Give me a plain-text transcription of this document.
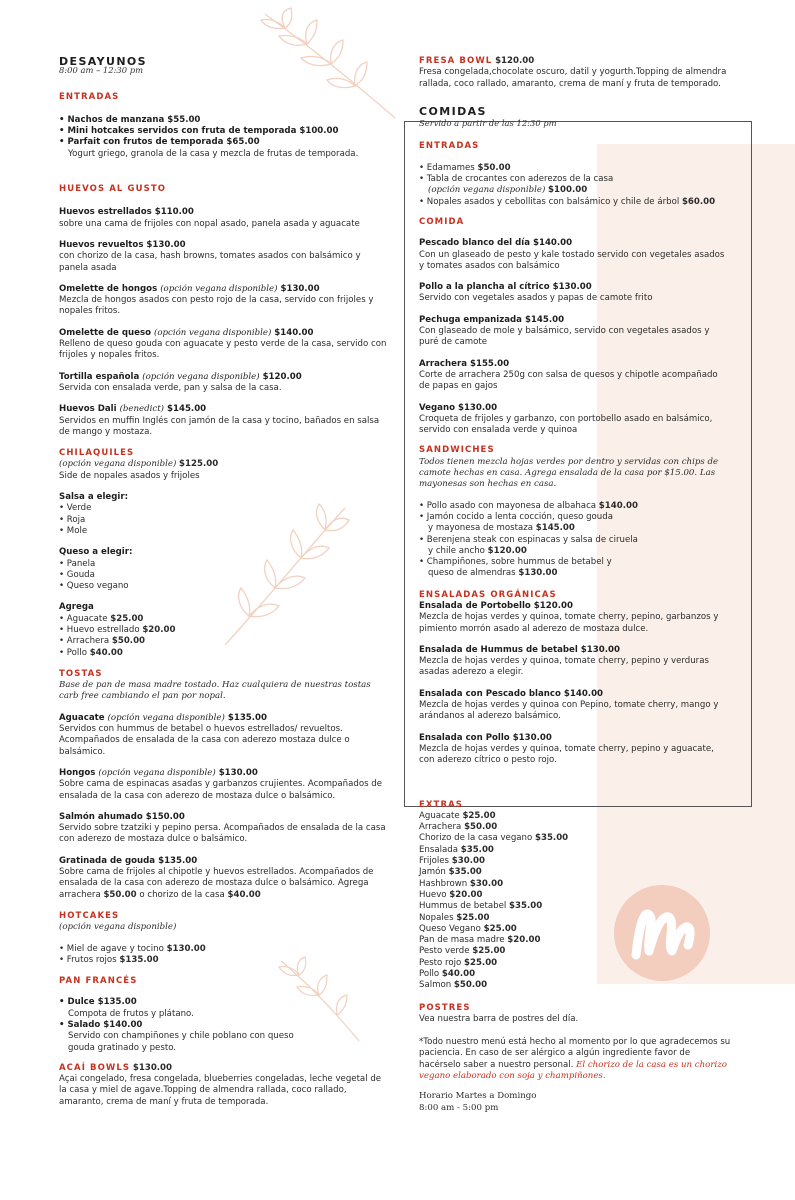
DESAYUNOS
8:00 am – 12:30 pm
ENTRADAS
• Nachos de manzana $55.00
• Mini hotcakes servidos con fruta de temporada $100.00
• Parfait con frutos de temporada $65.00
Yogurt griego, granola de la casa y mezcla de frutas de temporada.
HUEVOS AL GUSTO
Huevos estrellados $110.00
sobre una cama de frijoles con nopal asado, panela asada y aguacate
Huevos revueltos $130.00
con chorizo de la casa, hash browns, tomates asados con balsámico y panela asada
Omelette de hongos (opción vegana disponible) $130.00
Mezcla de hongos asados con pesto rojo de la casa, servido con frijoles y nopales fritos.
Omelette de queso (opción vegana disponible) $140.00
Relleno de queso gouda con aguacate y pesto verde de la casa, servido con frijoles y nopales fritos.
Tortilla española (opción vegana disponible) $120.00
Servida con ensalada verde, pan y salsa de la casa.
Huevos Dali (benedict) $145.00
Servidos en muffin Inglés con jamón de la casa y tocino, bañados en salsa de mango y mostaza.
CHILAQUILES
(opción vegana disponible) $125.00
Side de nopales asados y frijoles
Salsa a elegir:
• Verde
• Roja
• Mole
Queso a elegir:
• Panela
• Gouda
• Queso vegano
Agrega
• Aguacate $25.00
• Huevo estrellado $20.00
• Arrachera $50.00
• Pollo $40.00
TOSTAS
Base de pan de masa madre tostado. Haz cualquiera de nuestras tostas carb free cambiando el pan por nopal.
Aguacate (opción vegana disponible) $135.00
Servidos con hummus de betabel o huevos estrellados/ revueltos. Acompañados de ensalada de la casa con aderezo mostaza dulce o balsámico.
Hongos (opción vegana disponible) $130.00
Sobre cama de espinacas asadas y garbanzos crujientes. Acompañados de ensalada de la casa con aderezo de mostaza dulce o balsámico.
Salmón ahumado $150.00
Servido sobre tzatziki y pepino persa. Acompañados de ensalada de la casa con aderezo de mostaza dulce o balsámico.
Gratinada de gouda $135.00
Sobre cama de frijoles al chipotle y huevos estrellados. Acompañados de ensalada de la casa con aderezo de mostaza dulce o balsámico. Agrega arrachera $50.00 o chorizo de la casa $40.00
HOTCAKES
(opción vegana disponible)
• Miel de agave y tocino $130.00
• Frutos rojos $135.00
PAN FRANCÉS
• Dulce $135.00
Compota de frutos y plátano.
• Salado $140.00
Servido con champiñones y chile poblano con queso gouda gratinado y pesto.
ACAÍ BOWLS $130.00
Açai congelado, fresa congelada, blueberries congeladas, leche vegetal de la casa y miel de agave.Topping de almendra rallada, coco rallado, amaranto, crema de maní y fruta de temporada.
FRESA BOWL $120.00
Fresa congelada,chocolate oscuro, datil y yogurth.Topping de almendra rallada, coco rallado, amaranto, crema de maní y fruta de temporado.
COMIDAS
Servido a partir de las 12:30 pm
ENTRADAS
• Edamames $50.00
• Tabla de crocantes con aderezos de la casa
(opción vegana disponible) $100.00
• Nopales asados y cebollitas con balsámico y chile de árbol $60.00
COMIDA
Pescado blanco del día $140.00
Con un glaseado de pesto y kale tostado servido con vegetales asados y tomates asados con balsámico
Pollo a la plancha al cítrico $130.00
Servido con vegetales asados y papas de camote frito
Pechuga empanizada $145.00
Con glaseado de mole y balsámico, servido con vegetales asados y puré de camote
Arrachera $155.00
Corte de arrachera 250g con salsa de quesos y chipotle acompañado de papas en gajos
Vegano $130.00
Croqueta de frijoles y garbanzo, con portobello asado en balsámico, servido con ensalada verde y quinoa
SANDWICHES
Todos tienen mezcla hojas verdes por dentro y servidas con chips de camote hechas en casa. Agrega ensalada de la casa por $15.00. Las mayonesas son hechas en casa.
• Pollo asado con mayonesa de albahaca $140.00
• Jamón cocido a lenta cocción, queso gouda
y mayonesa de mostaza $145.00
• Berenjena steak con espinacas y salsa de ciruela
y chile ancho $120.00
• Champiñones, sobre hummus de betabel y
queso de almendras $130.00
ENSALADAS ORGÁNICAS
Ensalada de Portobello $120.00
Mezcla de hojas verdes y quinoa, tomate cherry, pepino, garbanzos y pimiento morrón asado al aderezo de mostaza dulce.
Ensalada de Hummus de betabel $130.00
Mezcla de hojas verdes y quinoa, tomate cherry, pepino y verduras asadas aderezo a elegir.
Ensalada con Pescado blanco $140.00
Mezcla de hojas verdes y quinoa con Pepino, tomate cherry, mango y arándanos al aderezo balsámico.
Ensalada con Pollo $130.00
Mezcla de hojas verdes y quinoa, tomate cherry, pepino y aguacate, con aderezo cítrico o pesto rojo.
EXTRAS
Aguacate $25.00
Arrachera $50.00
Chorizo de la casa vegano $35.00
Ensalada $35.00
Frijoles $30.00
Jamón $35.00
Hashbrown $30.00
Huevo $20.00
Hummus de betabel $35.00
Nopales $25.00
Queso Vegano $25.00
Pan de masa madre $20.00
Pesto verde $25.00
Pesto rojo $25.00
Pollo $40.00
Salmon $50.00
POSTRES
Vea nuestra barra de postres del día.
*Todo nuestro menú está hecho al momento por lo que agradecemos su paciencia. En caso de ser alérgico a algún ingrediente favor de hacérselo saber a nuestro personal. El chorizo de la casa es un chorizo vegano elaborado con soja y champiñones.
Horario Martes a Domingo
8:00 am - 5:00 pm
